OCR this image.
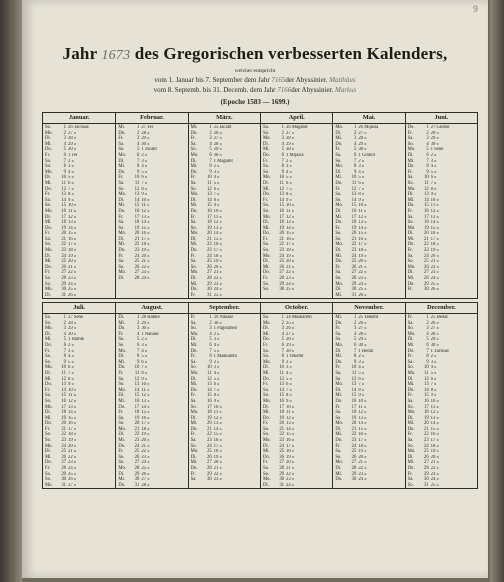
9
Jahr 1673 des Gregorischen verbesserten Kalenders,
welcher entspricht
vom 1. Januar bis 7. September dem Jahr 7165der Abyssinier. Matthäus
vom 8. Septemb. bis 31. Decemb. dem Jahr 7166der Abyssinier. Markus
(Epoche 1583 — 1699.)
Januar.
So.	1 26 Tachsas
Mo.	2 27 »
Di.	3 28 »
Mi.	4 29 »
Do.	5 30 »
Fr.	6 1 Ter
Sa.	7 2 »
So.	8 3 »
Mo.	9 4 »
Di.	10 5 »
Mi.	11 6 »
Do.	12 7 »
Fr.	13 8 »
Sa.	14 9 »
So.	15 10 »
Mo.	16 11 »
Di.	17 12 »
Mi.	18 13 »
Do.	19 14 »
Fr.	20 15 »
Sa.	21 16 »
So.	22 17 »
Mo.	23 18 »
Di.	24 19 »
Mi.	25 20 »
Do.	26 21 »
Fr.	27 22 »
Sa.	28 23 »
So.	29 24 »
Mo.	30 25 »
Di.	31 26 »
Februar.
Mi.	1 27 Ter
Do.	2 28 »
Fr.	3 29 »
Sa.	4 30 »
So.	5 1 Jacatit
Mo.	6 2 »
Di.	7 3 »
Mi.	8 4 »
Do.	9 5 »
Fr.	10 6 »
Sa.	11 7 »
So.	12 8 »
Mo.	13 9 »
Di.	14 10 »
Mi.	15 11 »
Do.	16 12 »
Fr.	17 13 »
Sa.	18 14 »
So.	19 15 »
Mo.	20 16 »
Di.	21 17 »
Mi.	22 18 »
Do.	23 19 »
Fr.	24 20 »
Sa.	25 21 »
So.	26 22 »
Mo.	27 23 »
Di.	28 24 »
März.
Mi.	1 25 Jacatit
Do.	2 26 »
Fr.	3 27 »
Sa.	4 28 »
So.	5 29 »
Mo.	6 30 »
Di.	7 1 Magabit
Mi.	8 2 »
Do.	9 3 »
Fr.	10 4 »
Sa.	11 5 »
So.	12 6 »
Mo.	13 7 »
Di.	14 8 »
Mi.	15 9 »
Do.	16 10 »
Fr.	17 11 »
Sa.	18 12 »
So.	19 13 »
Mo.	20 14 »
Di.	21 15 »
Mi.	22 16 »
Do.	23 17 »
Fr.	24 18 »
Sa.	25 19 »
So.	26 20 »
Mo.	27 21 »
Di.	28 22 »
Mi.	29 23 »
Do.	30 24 »
Fr.	31 25 »
April.
Sa.	1 26 Magabit
So.	2 27 »
Mo.	3 28 »
Di.	4 29 »
Mi.	5 30 »
Do.	6 1 Mijasia
Fr.	7 2 »
Sa.	8 3 »
So.	9 4 »
Mo.	10 5 »
Di.	11 6 »
Mi.	12 7 »
Do.	13 8 »
Fr.	14 9 »
Sa.	15 10 »
So.	16 11 »
Mo.	17 12 »
Di.	18 13 »
Mi.	19 14 »
Do.	20 15 »
Fr.	21 16 »
Sa.	22 17 »
So.	23 18 »
Mo.	24 19 »
Di.	25 20 »
Mi.	26 21 »
Do.	27 22 »
Fr.	28 23 »
Sa.	29 24 »
So.	30 25 »
Mai.
Mo.	1 26 Mijasia
Di.	2 27 »
Mi.	3 28 »
Do.	4 29 »
Fr.	5 30 »
Sa.	6 1 Ginbot
So.	7 2 »
Mo.	8 3 »
Di.	9 4 »
Mi.	10 5 »
Do.	11 6 »
Fr.	12 7 »
Sa.	13 8 »
So.	14 9 »
Mo.	15 10 »
Di.	16 11 »
Mi.	17 12 »
Do.	18 13 »
Fr.	19 14 »
Sa.	20 15 »
So.	21 16 »
Mo.	22 17 »
Di.	23 18 »
Mi.	24 19 »
Do.	25 20 »
Fr.	26 21 »
Sa.	27 22 »
So.	28 23 »
Mo.	29 24 »
Di.	30 25 »
Mi.	31 26 »
Juni.
Do.	1 27 Ginbot
Fr.	2 28 »
Sa.	3 29 »
So.	4 30 »
Mo.	5 1 Sene
Di.	6 2 »
Mi.	7 3 »
Do.	8 4 »
Fr.	9 5 »
Sa.	10 6 »
So.	11 7 »
Mo.	12 8 »
Di.	13 9 »
Mi.	14 10 »
Do.	15 11 »
Fr.	16 12 »
Sa.	17 13 »
So.	18 14 »
Mo.	19 15 »
Di.	20 16 »
Mi.	21 17 »
Do.	22 18 »
Fr.	23 19 »
Sa.	24 20 »
So.	25 21 »
Mo.	26 22 »
Di.	27 23 »
Mi.	28 24 »
Do.	29 25 »
Fr.	30 26 »
Juli.
Sa.	1 27 Sene
So.	2 28 »
Mo.	3 29 »
Di.	4 30 »
Mi.	5 1 Hamle
Do.	6 2 »
Fr.	7 3 »
Sa.	8 4 »
So.	9 5 »
Mo.	10 6 »
Di.	11 7 »
Mi.	12 8 »
Do.	13 9 »
Fr.	14 10 »
Sa.	15 11 »
So.	16 12 »
Mo.	17 13 »
Di.	18 14 »
Mi.	19 15 »
Do.	20 16 »
Fr.	21 17 »
Sa.	22 18 »
So.	23 19 »
Mo.	24 20 »
Di.	25 21 »
Mi.	26 22 »
Do.	27 23 »
Fr.	28 24 »
Sa.	29 25 »
So.	30 26 »
Mo.	31 27 »
August.
Di.	1 28 Hamle
Mi.	2 29 »
Do.	3 30 »
Fr.	4 1 Nahase
Sa.	5 2 »
So.	6 3 »
Mo.	7 4 »
Di.	8 5 »
Mi.	9 6 »
Do.	10 7 »
Fr.	11 8 »
Sa.	12 9 »
So.	13 10 »
Mo.	14 11 »
Di.	15 12 »
Mi.	16 13 »
Do.	17 14 »
Fr.	18 15 »
Sa.	19 16 »
So.	20 17 »
Mo.	21 18 »
Di.	22 19 »
Mi.	23 20 »
Do.	24 21 »
Fr.	25 22 »
Sa.	26 23 »
So.	27 24 »
Mo.	28 25 »
Di.	29 26 »
Mi.	30 27 »
Do.	31 28 »
September.
Fr.	1 29 Nahase
Sa.	2 30 »
So.	3 1 Pagoumen
Mo.	4 2 »
Di.	5 3 »
Mi.	6 4 »
Do.	7 5 »
Fr.	8 1 Maskarem
Sa.	9 2 »
So.	10 3 »
Mo.	11 4 »
Di.	12 5 »
Mi.	13 6 »
Do.	14 7 »
Fr.	15 8 »
Sa.	16 9 »
So.	17 10 »
Mo.	18 11 »
Di.	19 12 »
Mi.	20 13 »
Do.	21 14 »
Fr.	22 15 »
Sa.	23 16 »
So.	24 17 »
Mo.	25 18 »
Di.	26 19 »
Mi.	27 20 »
Do.	28 21 »
Fr.	29 22 »
Sa.	30 23 »
October.
So.	1 24 Maskarem
Mo.	2 25 »
Di.	3 26 »
Mi.	4 27 »
Do.	5 28 »
Fr.	6 29 »
Sa.	7 30 »
So.	8 1 Tekemt
Mo.	9 2 »
Di.	10 3 »
Mi.	11 4 »
Do.	12 5 »
Fr.	13 6 »
Sa.	14 7 »
So.	15 8 »
Mo.	16 9 »
Di.	17 10 »
Mi.	18 11 »
Do.	19 12 »
Fr.	20 13 »
Sa.	21 14 »
So.	22 15 »
Mo.	23 16 »
Di.	24 17 »
Mi.	25 18 »
Do.	26 19 »
Fr.	27 20 »
Sa.	28 21 »
So.	29 22 »
Mo.	30 23 »
Di.	31 24 »
November.
Mi.	1 25 Tekemt
Do.	2 26 »
Fr.	3 27 »
Sa.	4 28 »
So.	5 29 »
Mo.	6 30 »
Di.	7 1 Hedar
Mi.	8 2 »
Do.	9 3 »
Fr.	10 4 »
Sa.	11 5 »
So.	12 6 »
Mo.	13 7 »
Di.	14 8 »
Mi.	15 9 »
Do.	16 10 »
Fr.	17 11 »
Sa.	18 12 »
So.	19 13 »
Mo.	20 14 »
Di.	21 15 »
Mi.	22 16 »
Do.	23 17 »
Fr.	24 18 »
Sa.	25 19 »
So.	26 20 »
Mo.	27 21 »
Di.	28 22 »
Mi.	29 23 »
Do.	30 24 »
December.
Fr.	1 25 Hedar
Sa.	2 26 »
So.	3 27 »
Mo.	4 28 »
Di.	5 29 »
Mi.	6 30 »
Do.	7 1 Tachsas
Fr.	8 2 »
Sa.	9 3 »
So.	10 4 »
Mo.	11 5 »
Di.	12 6 »
Mi.	13 7 »
Do.	14 8 »
Fr.	15 9 »
Sa.	16 10 »
So.	17 11 »
Mo.	18 12 »
Di.	19 13 »
Mi.	20 14 »
Do.	21 15 »
Fr.	22 16 »
Sa.	23 17 »
So.	24 18 »
Mo.	25 19 »
Di.	26 20 »
Mi.	27 21 »
Do.	28 22 »
Fr.	29 23 »
Sa.	30 24 »
So.	31 25 »
